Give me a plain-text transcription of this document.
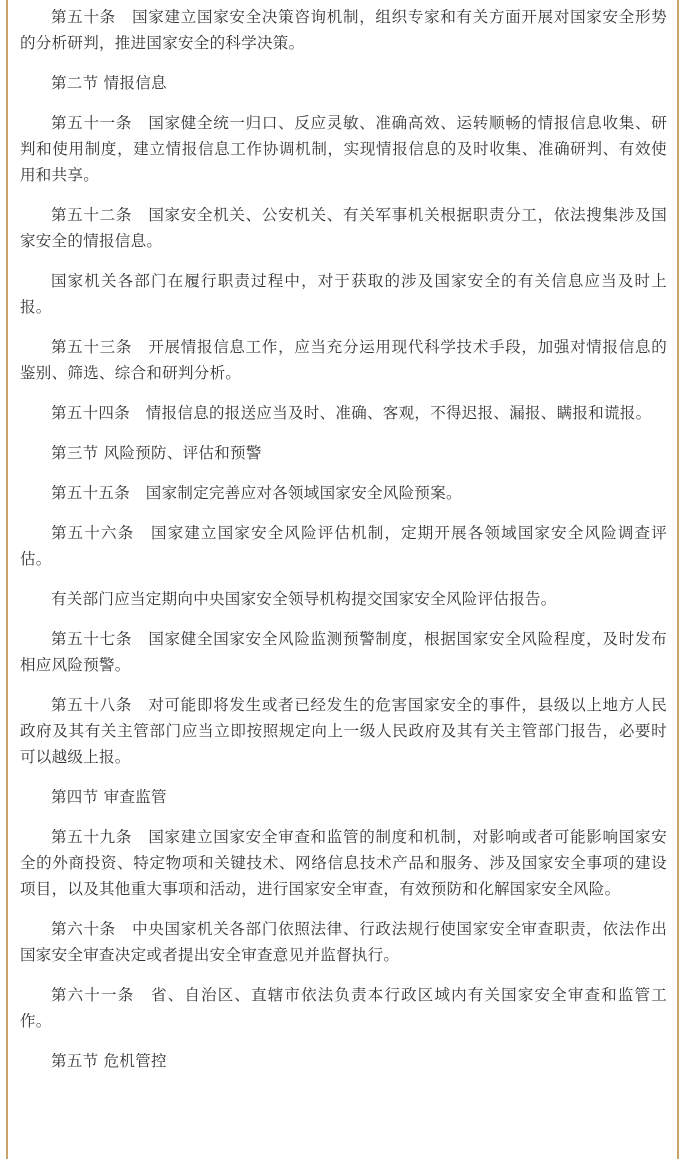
第五十条　国家建立国家安全决策咨询机制，组织专家和有关方面开展对国家安全形势的分析研判，推进国家安全的科学决策。

第二节 情报信息

第五十一条　国家健全统一归口、反应灵敏、准确高效、运转顺畅的情报信息收集、研判和使用制度，建立情报信息工作协调机制，实现情报信息的及时收集、准确研判、有效使用和共享。

第五十二条　国家安全机关、公安机关、有关军事机关根据职责分工，依法搜集涉及国家安全的情报信息。

国家机关各部门在履行职责过程中，对于获取的涉及国家安全的有关信息应当及时上报。

第五十三条　开展情报信息工作，应当充分运用现代科学技术手段，加强对情报信息的鉴别、筛选、综合和研判分析。

第五十四条　情报信息的报送应当及时、准确、客观，不得迟报、漏报、瞒报和谎报。

第三节 风险预防、评估和预警

第五十五条　国家制定完善应对各领域国家安全风险预案。

第五十六条　国家建立国家安全风险评估机制，定期开展各领域国家安全风险调查评估。

有关部门应当定期向中央国家安全领导机构提交国家安全风险评估报告。

第五十七条　国家健全国家安全风险监测预警制度，根据国家安全风险程度，及时发布相应风险预警。

第五十八条　对可能即将发生或者已经发生的危害国家安全的事件，县级以上地方人民政府及其有关主管部门应当立即按照规定向上一级人民政府及其有关主管部门报告，必要时可以越级上报。

第四节 审查监管

第五十九条　国家建立国家安全审查和监管的制度和机制，对影响或者可能影响国家安全的外商投资、特定物项和关键技术、网络信息技术产品和服务、涉及国家安全事项的建设项目，以及其他重大事项和活动，进行国家安全审查，有效预防和化解国家安全风险。

第六十条　中央国家机关各部门依照法律、行政法规行使国家安全审查职责，依法作出国家安全审查决定或者提出安全审查意见并监督执行。

第六十一条　省、自治区、直辖市依法负责本行政区域内有关国家安全审查和监管工作。

第五节 危机管控
